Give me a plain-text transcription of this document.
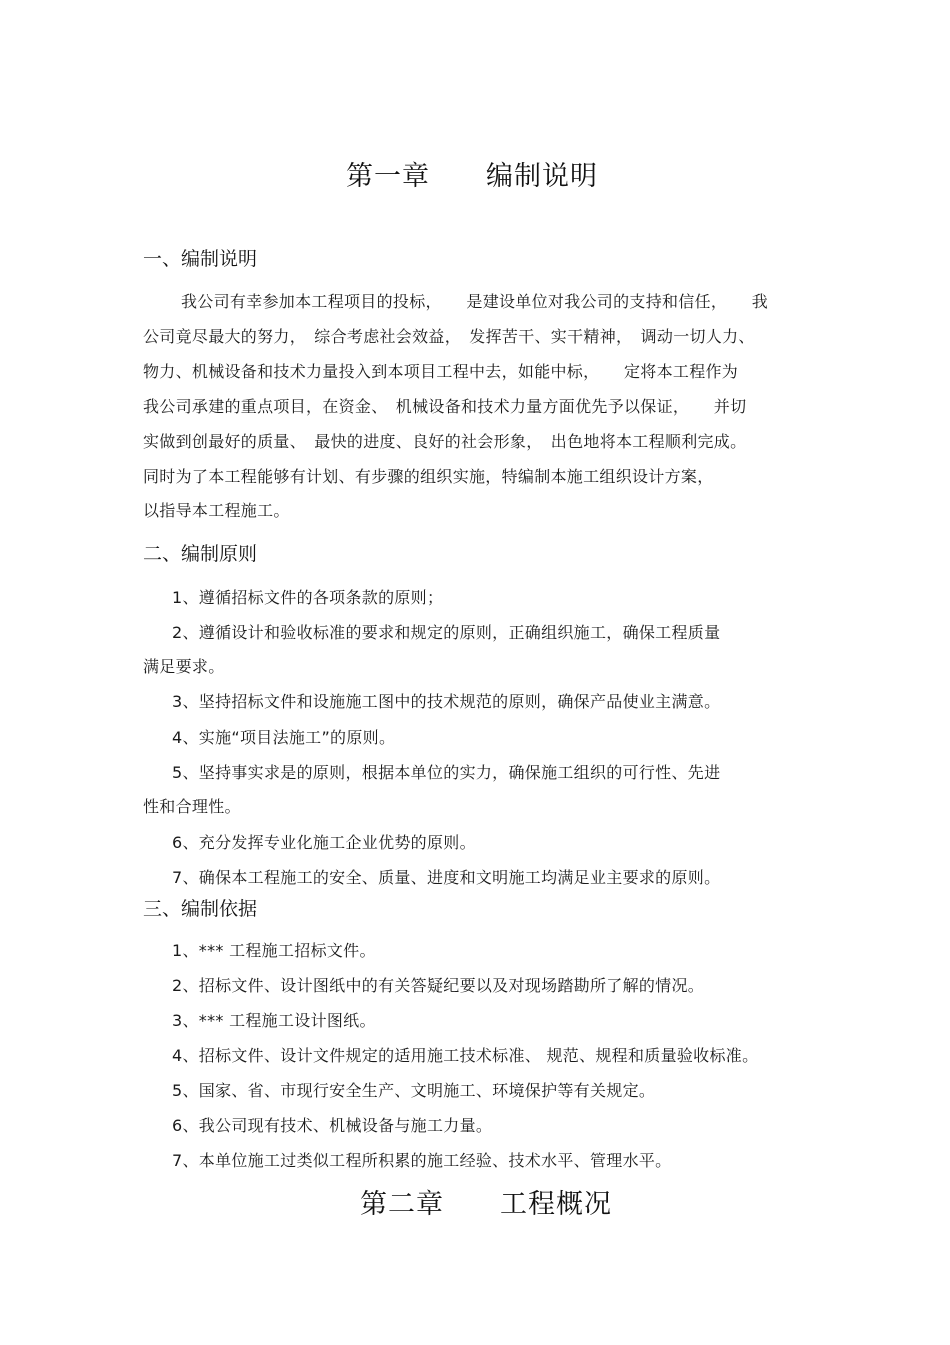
第一章 编制说明
一、编制说明
我公司有幸参加本工程项目的投标，　　是建设单位对我公司的支持和信任，　　我
公司竟尽最大的努力，　综合考虑社会效益，　发挥苦干、实干精神，　调动一切人力、
物力、机械设备和技术力量投入到本项目工程中去，如能中标，　　定将本工程作为
我公司承建的重点项目，在资金、　机械设备和技术力量方面优先予以保证，　　并切
实做到创最好的质量、　最快的进度、良好的社会形象，　出色地将本工程顺利完成。
同时为了本工程能够有计划、有步骤的组织实施，特编制本施工组织设计方案，
以指导本工程施工。
二、编制原则
1、遵循招标文件的各项条款的原则；
2、遵循设计和验收标准的要求和规定的原则，正确组织施工，确保工程质量
满足要求。
3、坚持招标文件和设施施工图中的技术规范的原则，确保产品使业主满意。
4、实施“项目法施工”的原则。
5、坚持事实求是的原则，根据本单位的实力，确保施工组织的可行性、先进
性和合理性。
6、充分发挥专业化施工企业优势的原则。
7、确保本工程施工的安全、质量、进度和文明施工均满足业主要求的原则。
三、编制依据
1、*** 工程施工招标文件。
2、招标文件、设计图纸中的有关答疑纪要以及对现场踏勘所了解的情况。
3、*** 工程施工设计图纸。
4、招标文件、设计文件规定的适用施工技术标准、 规范、规程和质量验收标准。
5、国家、省、市现行安全生产、文明施工、环境保护等有关规定。
6、我公司现有技术、机械设备与施工力量。
7、本单位施工过类似工程所积累的施工经验、技术水平、管理水平。
第二章 工程概况
